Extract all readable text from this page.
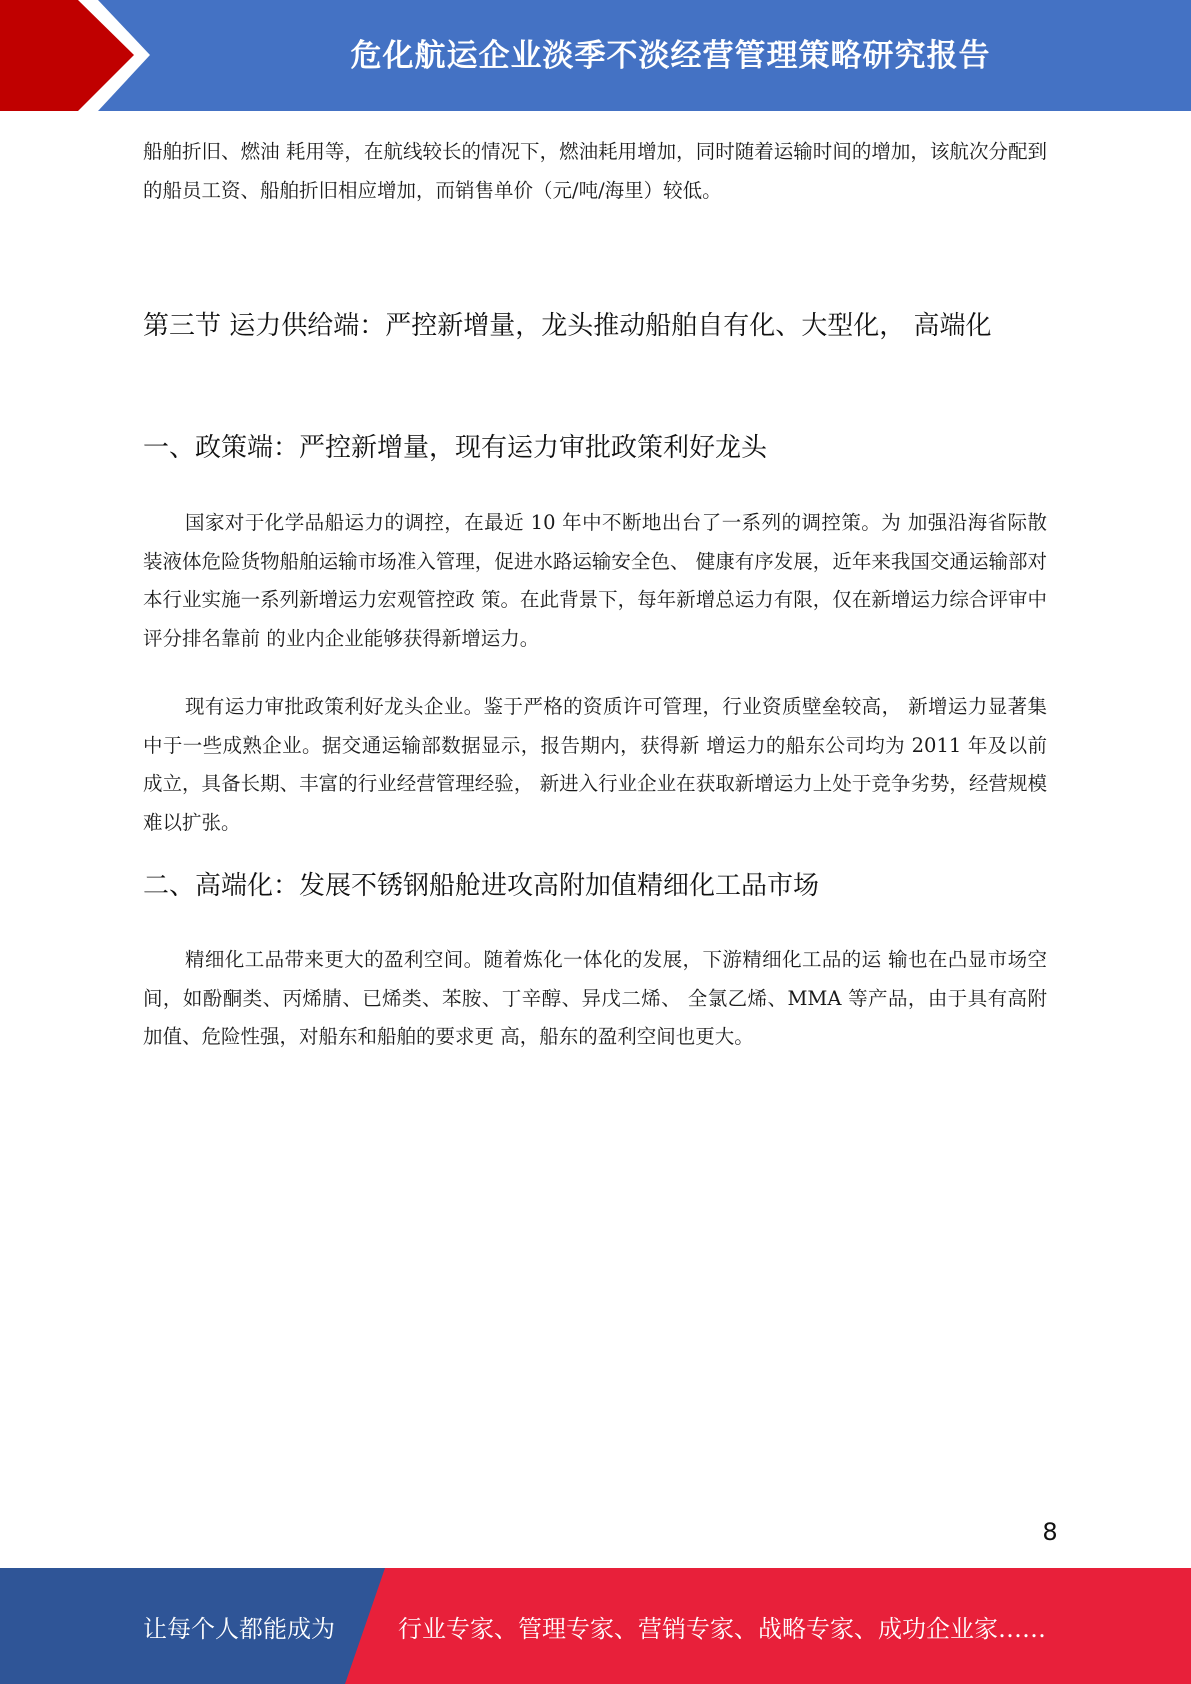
危化航运企业淡季不淡经营管理策略研究报告

船舶折旧、燃油 耗用等，在航线较长的情况下，燃油耗用增加，同时随着运输时间的增加，该航次分配到的船员工资、船舶折旧相应增加，而销售单价（元/吨/海里）较低。

第三节 运力供给端：严控新增量，龙头推动船舶自有化、大型化， 高端化
一、政策端：严控新增量，现有运力审批政策利好龙头

国家对于化学品船运力的调控，在最近 10 年中不断地出台了一系列的调控策。为 加强沿海省际散装液体危险货物船舶运输市场准入管理，促进水路运输安全色、 健康有序发展，近年来我国交通运输部对本行业实施一系列新增运力宏观管控政 策。在此背景下，每年新增总运力有限，仅在新增运力综合评审中评分排名靠前 的业内企业能够获得新增运力。

现有运力审批政策利好龙头企业。鉴于严格的资质许可管理，行业资质壁垒较高， 新增运力显著集中于一些成熟企业。据交通运输部数据显示，报告期内，获得新 增运力的船东公司均为 2011 年及以前成立，具备长期、丰富的行业经营管理经验， 新进入行业企业在获取新增运力上处于竞争劣势，经营规模难以扩张。

二、高端化：发展不锈钢船舱进攻高附加值精细化工品市场

精细化工品带来更大的盈利空间。随着炼化一体化的发展，下游精细化工品的运 输也在凸显市场空间，如酚酮类、丙烯腈、已烯类、苯胺、丁辛醇、异戊二烯、 全氯乙烯、MMA 等产品，由于具有高附加值、危险性强，对船东和船舶的要求更 高，船东的盈利空间也更大。

8
让每个人都能成为	行业专家、管理专家、营销专家、战略专家、成功企业家……
